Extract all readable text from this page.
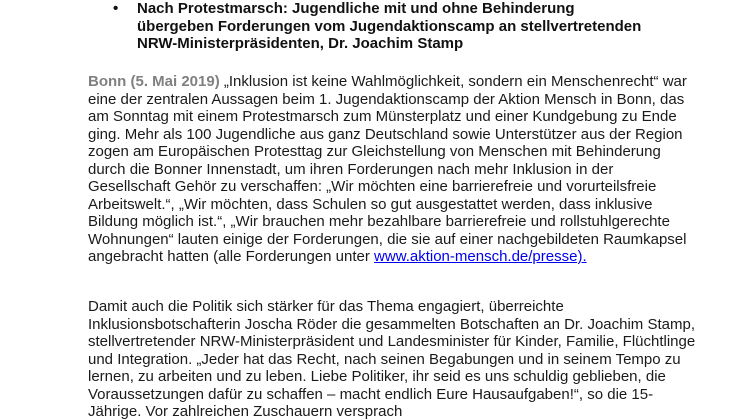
•	Nach Protestmarsch: Jugendliche mit und ohne Behinderung übergeben Forderungen vom Jugendaktionscamp an stellvertretenden NRW-Ministerpräsidenten, Dr. Joachim Stamp

Bonn (5. Mai 2019) „Inklusion ist keine Wahlmöglichkeit, sondern ein Menschenrecht“ war eine der zentralen Aussagen beim 1. Jugendaktionscamp der Aktion Mensch in Bonn, das am Sonntag mit einem Protestmarsch zum Münsterplatz und einer Kundgebung zu Ende ging. Mehr als 100 Jugendliche aus ganz Deutschland sowie Unterstützer aus der Region zogen am Europäischen Protesttag zur Gleichstellung von Menschen mit Behinderung durch die Bonner Innenstadt, um ihren Forderungen nach mehr Inklusion in der Gesellschaft Gehör zu verschaffen: „Wir möchten eine barrierefreie und vorurteilsfreie Arbeitswelt.“, „Wir möchten, dass Schulen so gut ausgestattet werden, dass inklusive Bildung möglich ist.“, „Wir brauchen mehr bezahlbare barrierefreie und rollstuhlgerechte Wohnungen“ lauten einige der Forderungen, die sie auf einer nachgebildeten Raumkapsel angebracht hatten (alle Forderungen unter www.aktion-mensch.de/presse).

Damit auch die Politik sich stärker für das Thema engagiert, überreichte Inklusionsbotschafterin Joscha Röder die gesammelten Botschaften an Dr. Joachim Stamp, stellvertretender NRW-Ministerpräsident und Landesminister für Kinder, Familie, Flüchtlinge und Integration. „Jeder hat das Recht, nach seinen Begabungen und in seinem Tempo zu lernen, zu arbeiten und zu leben. Liebe Politiker, ihr seid es uns schuldig geblieben, die Voraussetzungen dafür zu schaffen – macht endlich Eure Hausaufgaben!“, so die 15-Jährige. Vor zahlreichen Zuschauern versprach
